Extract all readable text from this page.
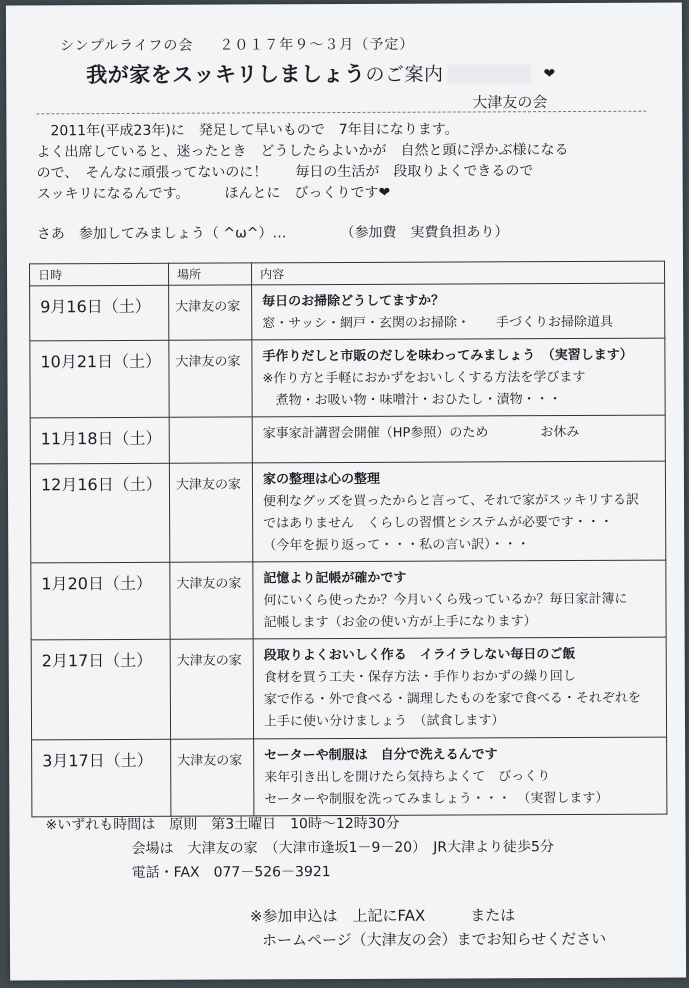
シンプルライフの会 ２０１７年９～３月（予定）
我が家をスッキリしましょうのご案内	❤
大津友の会
2011年(平成23年)に　発足して早いもので　7年目になります。
よく出席していると、迷ったとき　どうしたらよいかが　自然と頭に浮かぶ様になる
ので、　そんなに頑張ってないのに！　　毎日の生活が　段取りよくできるので
スッキリになるんです。　　　ほんとに　びっくりです❤
さあ　参加してみましょう（ ^ω^）…	（参加費　実費負担あり）
日時	場所	内容
9月16日（土）	大津友の家	毎日のお掃除どうしてますか？
窓・サッシ・網戸・玄関のお掃除・　　手づくりお掃除道具

10月21日（土）	大津友の家	手作りだしと市販のだしを味わってみましょう　（実習します）
※作り方と手軽におかずをおいしくする方法を学びます
　煮物・お吸い物・味噌汁・おひたし・漬物・・・

11月18日（土）		家事家計講習会開催（HP参照）のため　　　　お休み

12月16日（土）	大津友の家	家の整理は心の整理
便利なグッズを買ったからと言って、それで家がスッキリする訳
ではありません　くらしの習慣とシステムが必要です・・・
（今年を振り返って・・・私の言い訳）・・・

1月20日（土）	大津友の家	記憶より記帳が確かです
何にいくら使ったか？今月いくら残っているか？毎日家計簿に
記帳します（お金の使い方が上手になります）

2月17日（土）	大津友の家	段取りよくおいしく作る　イライラしない毎日のご飯
食材を買う工夫・保存方法・手作りおかずの繰り回し
家で作る・外で食べる・調理したものを家で食べる・それぞれを
上手に使い分けましょう　（試食します）

3月17日（土）	大津友の家	セーターや制服は　自分で洗えるんです
来年引き出しを開けたら気持ちよくて　びっくり
セーターや制服を洗ってみましょう・・・　（実習します）
※いずれも時間は　原則　第3土曜日　10時～12時30分
会場は　大津友の家　（大津市逢坂1－9－20）　JR大津より徒歩5分
電話・FAX　077－526－3921
※参加申込は　上記にFAX　　　または
ホームページ（大津友の会）までお知らせください
